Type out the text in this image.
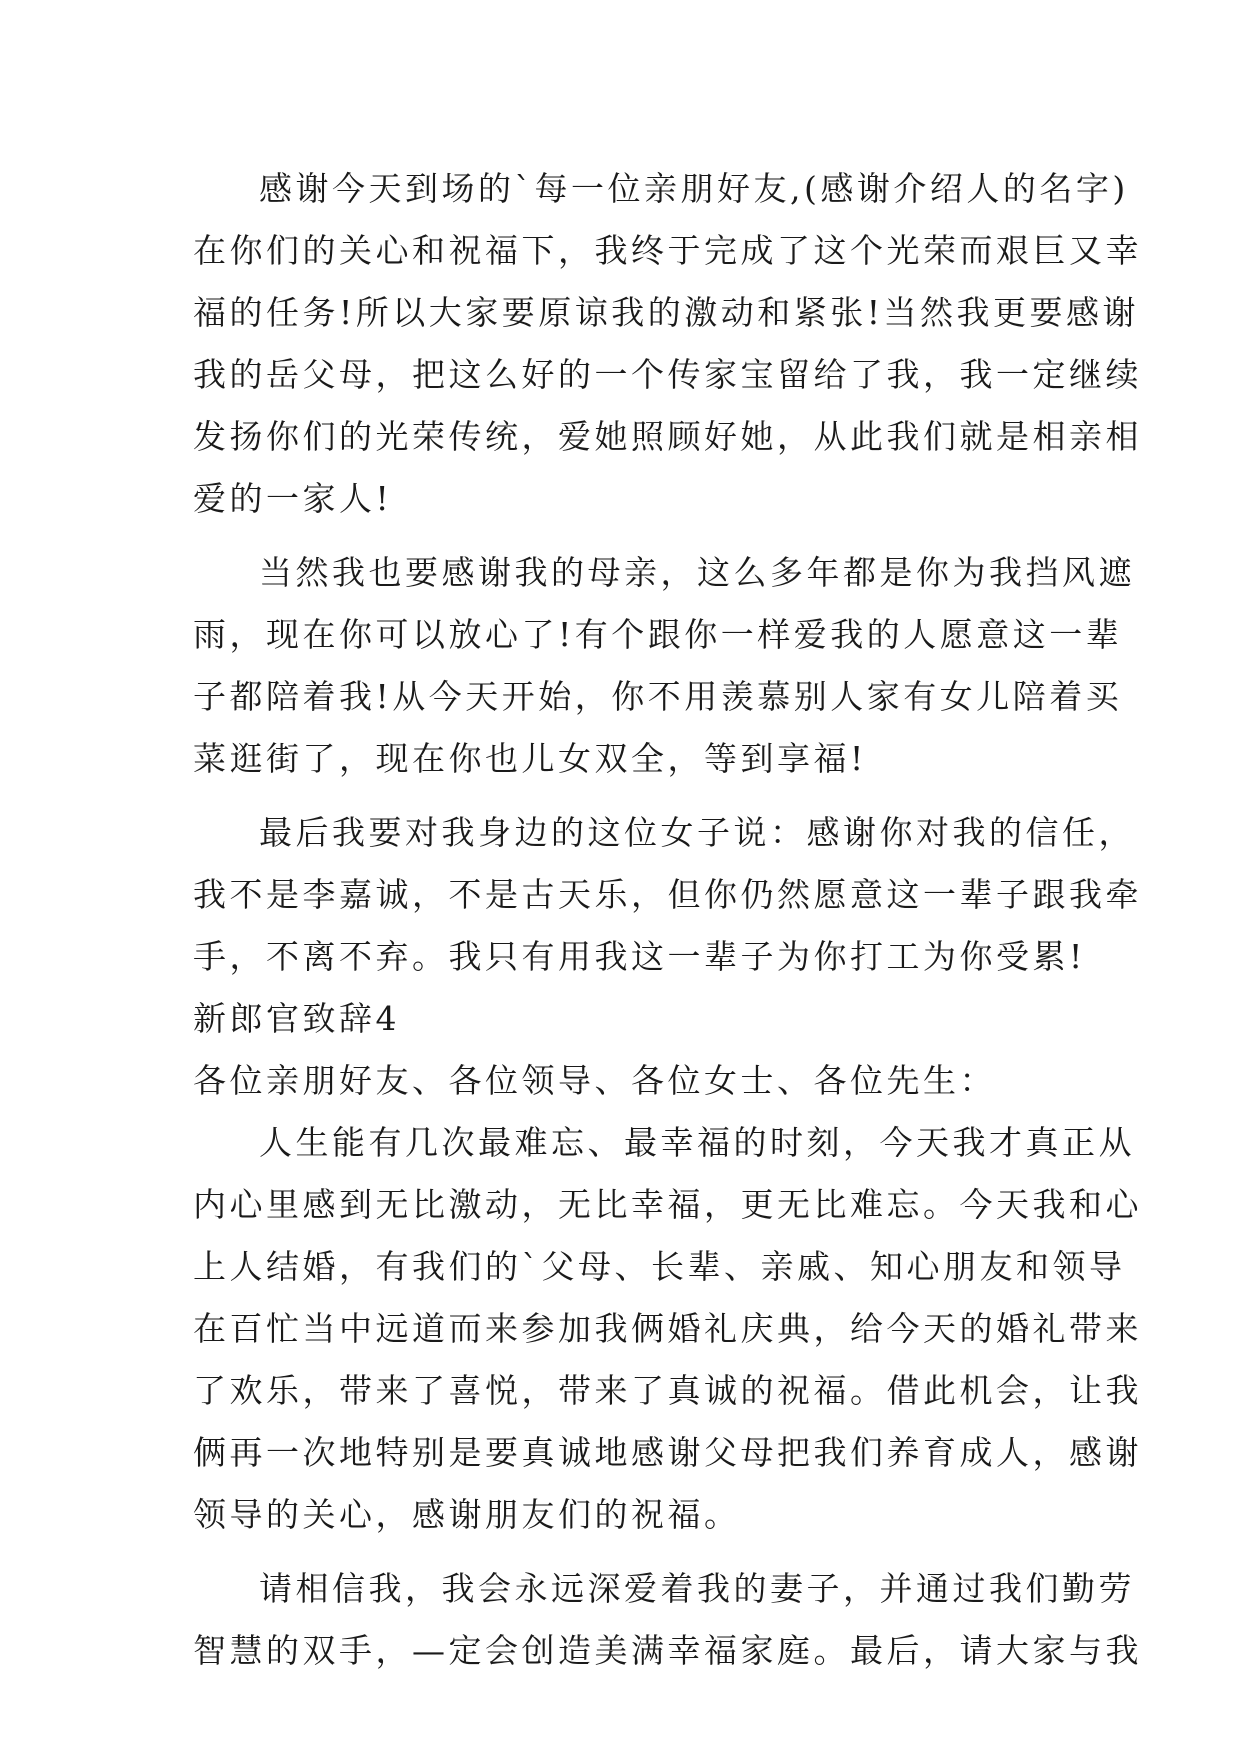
感谢今天到场的`每一位亲朋好友,(感谢介绍人的名字)
在你们的关心和祝福下，我终于完成了这个光荣而艰巨又幸
福的任务!所以大家要原谅我的激动和紧张!当然我更要感谢
我的岳父母，把这么好的一个传家宝留给了我，我一定继续
发扬你们的光荣传统，爱她照顾好她，从此我们就是相亲相
爱的一家人!
当然我也要感谢我的母亲，这么多年都是你为我挡风遮
雨，现在你可以放心了!有个跟你一样爱我的人愿意这一辈
子都陪着我!从今天开始，你不用羡慕别人家有女儿陪着买
菜逛街了，现在你也儿女双全，等到享福!
最后我要对我身边的这位女子说：感谢你对我的信任，
我不是李嘉诚，不是古天乐，但你仍然愿意这一辈子跟我牵
手，不离不弃。我只有用我这一辈子为你打工为你受累!
新郎官致辞4
各位亲朋好友、各位领导、各位女士、各位先生：
人生能有几次最难忘、最幸福的时刻，今天我才真正从
内心里感到无比激动，无比幸福，更无比难忘。今天我和心
上人结婚，有我们的`父母、长辈、亲戚、知心朋友和领导
在百忙当中远道而来参加我俩婚礼庆典，给今天的婚礼带来
了欢乐，带来了喜悦，带来了真诚的祝福。借此机会，让我
俩再一次地特别是要真诚地感谢父母把我们养育成人，感谢
领导的关心，感谢朋友们的祝福。
请相信我，我会永远深爱着我的妻子，并通过我们勤劳
智慧的双手，—定会创造美满幸福家庭。最后，请大家与我
